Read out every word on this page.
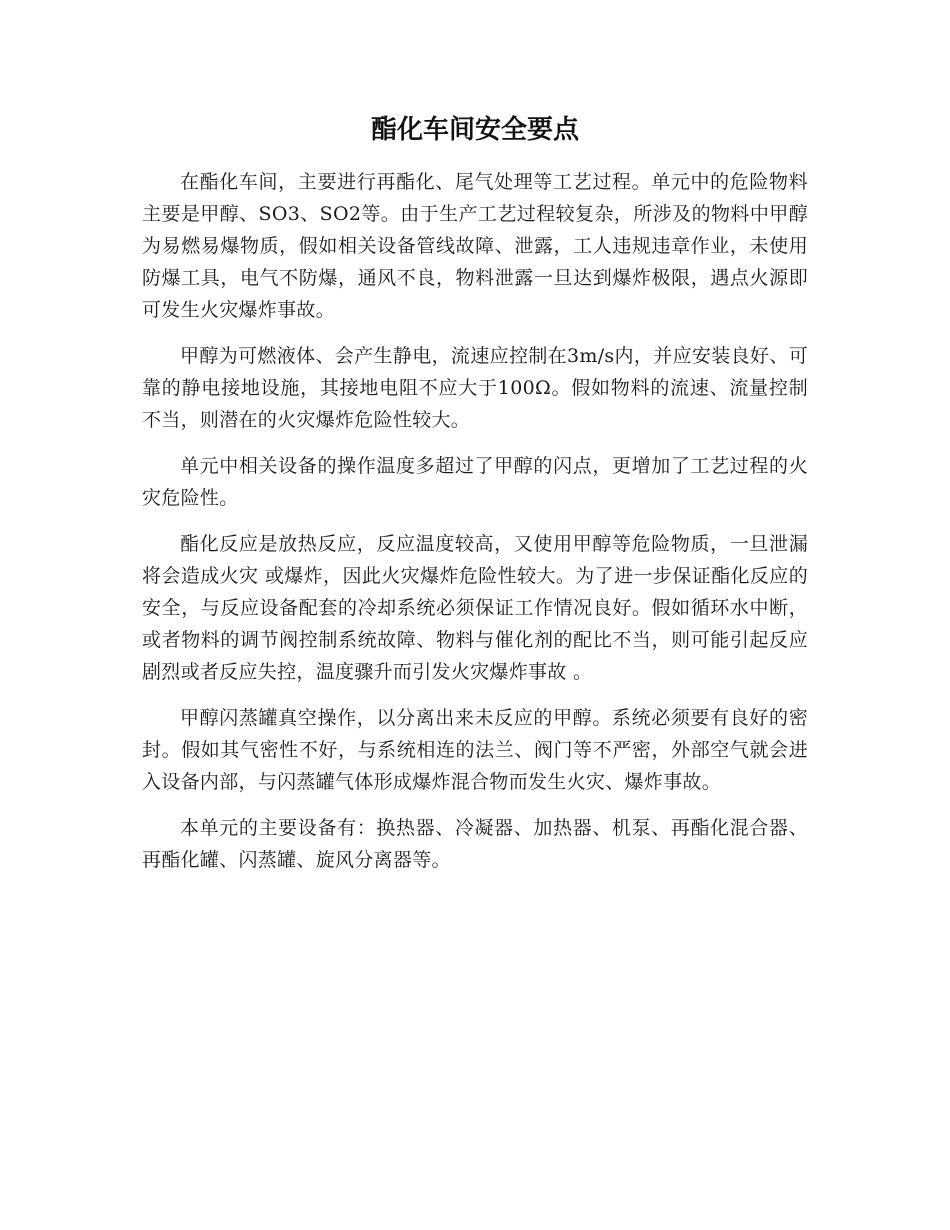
酯化车间安全要点

在酯化车间，主要进行再酯化、尾气处理等工艺过程。单元中的危险物料主要是甲醇、SO3、SO2等。由于生产工艺过程较复杂，所涉及的物料中甲醇为易燃易爆物质，假如相关设备管线故障、泄露，工人违规违章作业，未使用防爆工具，电气不防爆，通风不良，物料泄露一旦达到爆炸极限，遇点火源即可发生火灾爆炸事故。

甲醇为可燃液体、会产生静电，流速应控制在3m/s内，并应安装良好、可靠的静电接地设施，其接地电阻不应大于100Ω。假如物料的流速、流量控制不当，则潜在的火灾爆炸危险性较大。

单元中相关设备的操作温度多超过了甲醇的闪点，更增加了工艺过程的火灾危险性。

酯化反应是放热反应，反应温度较高，又使用甲醇等危险物质，一旦泄漏将会造成火灾 或爆炸，因此火灾爆炸危险性较大。为了进一步保证酯化反应的安全，与反应设备配套的冷却系统必须保证工作情况良好。假如循环水中断，或者物料的调节阀控制系统故障、物料与催化剂的配比不当，则可能引起反应剧烈或者反应失控，温度骤升而引发火灾爆炸事故 。

甲醇闪蒸罐真空操作，以分离出来未反应的甲醇。系统必须要有良好的密封。假如其气密性不好，与系统相连的法兰、阀门等不严密，外部空气就会进入设备内部，与闪蒸罐气体形成爆炸混合物而发生火灾、爆炸事故。

本单元的主要设备有：换热器、冷凝器、加热器、机泵、再酯化混合器、再酯化罐、闪蒸罐、旋风分离器等。
